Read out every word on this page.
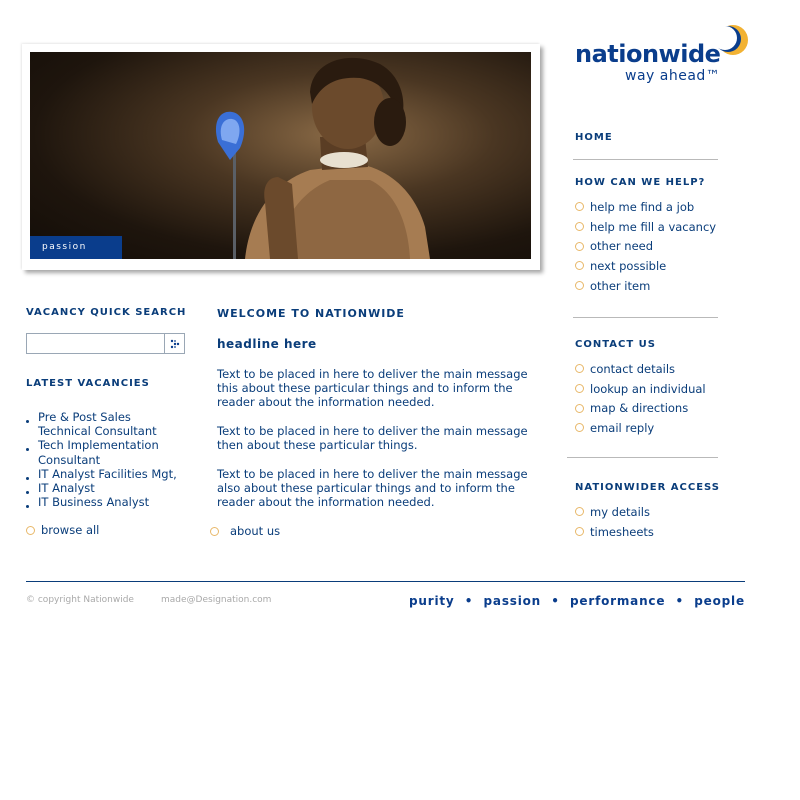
passion
nationwide
way ahead™
HOME
HOW CAN WE HELP?
help me find a job
help me fill a vacancy
other need
next possible
other item
CONTACT US
contact details
lookup an individual
map & directions
email reply
NATIONWIDER ACCESS
my details
timesheets
VACANCY QUICK SEARCH
LATEST VACANCIES
Pre & Post Sales Technical Consultant
Tech Implementation Consultant
IT Analyst Facilities Mgt,
IT Analyst
IT Business Analyst
browse all
WELCOME TO NATIONWIDE
headline here

Text to be placed in here to deliver the main message this about these particular things and to inform the reader about the information needed.

Text to be placed in here to deliver the main message then about these particular things.

Text to be placed in here to deliver the main message also about these particular things and to inform the reader about the information needed.

about us
© copyright Nationwide	made@Designation.com	purity • passion • performance • people
